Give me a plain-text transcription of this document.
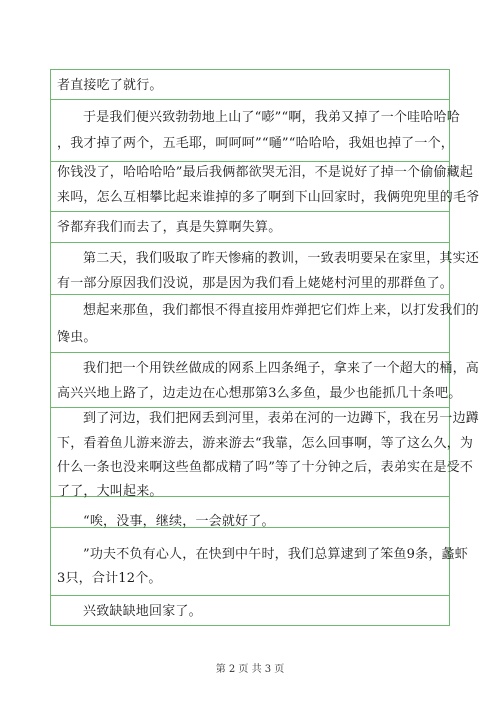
者直接吃了就行。
于是我们便兴致勃勃地上山了“嘭”“啊，我弟又掉了一个哇哈哈哈
，我才掉了两个，五毛耶，呵呵呵”“嗵”“哈哈哈，我姐也掉了一个，
你钱没了，哈哈哈哈”最后我俩都欲哭无泪，不是说好了掉一个偷偷藏起
来吗，怎么互相攀比起来谁掉的多了啊到下山回家时，我俩兜兜里的毛爷
爷都弃我们而去了，真是失算啊失算。
第二天，我们吸取了昨天惨痛的教训，一致表明要呆在家里，其实还
有一部分原因我们没说，那是因为我们看上姥姥村河里的那群鱼了。
想起来那鱼，我们都恨不得直接用炸弹把它们炸上来，以打发我们的
馋虫。
我们把一个用铁丝做成的网系上四条绳子，拿来了一个超大的桶，高
高兴兴地上路了，边走边在心想那第3么多鱼，最少也能抓几十条吧。
到了河边，我们把网丢到河里，表弟在河的一边蹲下，我在另一边蹲
下，看着鱼儿游来游去，游来游去“我靠，怎么回事啊，等了这么久，为
什么一条也没来啊这些鱼都成精了吗”等了十分钟之后，表弟实在是受不
了了，大叫起来。
“唉，没事，继续，一会就好了。
”功夫不负有心人，在快到中午时，我们总算逮到了笨鱼9条，蠡虾
3只，合计12个。
兴致缺缺地回家了。
第 2 页 共 3 页
